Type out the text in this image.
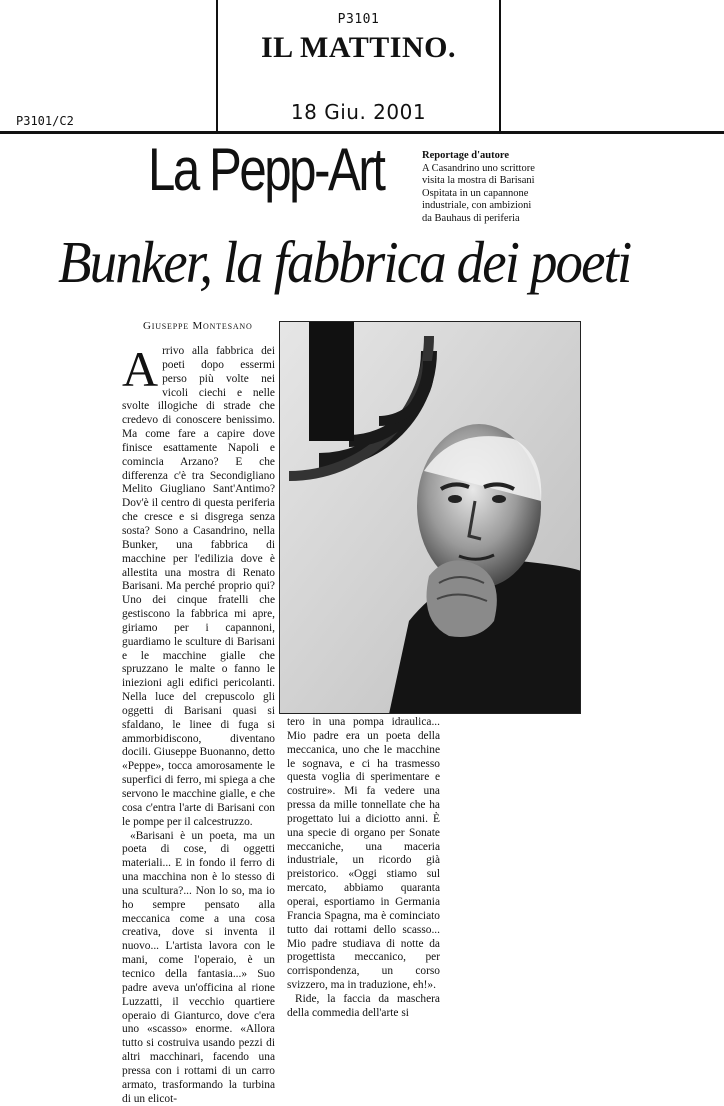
P3101
IL MATTINO.
18 Giu. 2001
P3101/C2
La Pepp-Art	Reportage d'autore
A Casandrino uno scrittore visita la mostra di Barisani Ospitata in un capannone industriale, con ambizioni da Bauhaus di periferia
Bunker, la fabbrica dei poeti
Giuseppe Montesano

Arrivo alla fabbrica dei poeti dopo essermi perso più volte nei vicoli ciechi e nelle svolte illogiche di strade che credevo di conoscere benissimo. Ma come fare a capire dove finisce esattamente Napoli e comincia Arzano? E che differenza c'è tra Secondigliano Melito Giugliano Sant'Antimo? Dov'è il centro di questa periferia che cresce e si disgrega senza sosta? Sono a Casandrino, nella Bunker, una fabbrica di macchine per l'edilizia dove è allestita una mostra di Renato Barisani. Ma perché proprio qui? Uno dei cinque fratelli che gestiscono la fabbrica mi apre, giriamo per i capannoni, guardiamo le sculture di Barisani e le macchine gialle che spruzzano le malte o fanno le iniezioni agli edifici pericolanti. Nella luce del crepuscolo gli oggetti di Barisani quasi si sfaldano, le linee di fuga si ammorbidiscono, diventano docili. Giuseppe Buonanno, detto «Peppe», tocca amorosamente le superfici di ferro, mi spiega a che servono le macchine gialle, e che cosa c'entra l'arte di Barisani con le pompe per il calcestruzzo.

«Barisani è un poeta, ma un poeta di cose, di oggetti materiali... E in fondo il ferro di una macchina non è lo stesso di una scultura?... Non lo so, ma io ho sempre pensato alla meccanica come a una cosa creativa, dove si inventa il nuovo... L'artista lavora con le mani, come l'operaio, è un tecnico della fantasia...» Suo padre aveva un'officina al rione Luzzatti, il vecchio quartiere operaio di Gianturco, dove c'era uno «scasso» enorme. «Allora tutto si costruiva usando pezzi di altri macchinari, facendo una pressa con i rottami di un carro armato, trasformando la turbina di un elicot-

tero in una pompa idraulica... Mio padre era un poeta della meccanica, uno che le macchine le sognava, e ci ha trasmesso questa voglia di sperimentare e costruire». Mi fa vedere una pressa da mille tonnellate che ha progettato lui a diciotto anni. È una specie di organo per Sonate meccaniche, una maceria industriale, un ricordo già preistorico. «Oggi stiamo sul mercato, abbiamo quaranta operai, esportiamo in Germania Francia Spagna, ma è cominciato tutto dai rottami dello scasso... Mio padre studiava di notte da progettista meccanico, per corrispondenza, un corso svizzero, ma in traduzione, eh!».

Ride, la faccia da maschera della commedia dell'arte si
